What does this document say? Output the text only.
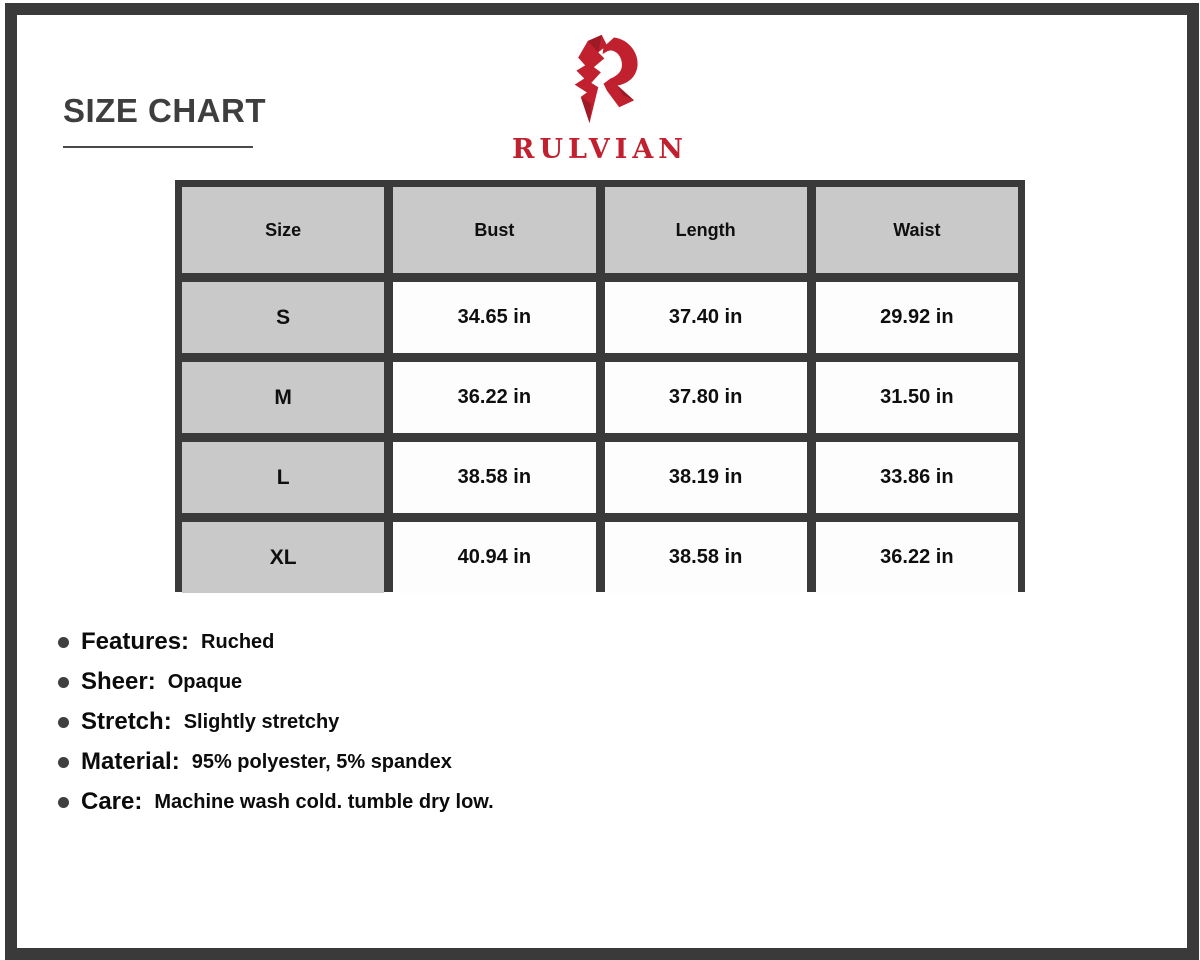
SIZE CHART
RULVIAN
Size	Bust	Length	Waist
S	34.65 in	37.40 in	29.92 in
M	36.22 in	37.80 in	31.50 in
L	38.58 in	38.19 in	33.86 in
XL	40.94 in	38.58 in	36.22 in
Features: Ruched
Sheer: Opaque
Stretch: Slightly stretchy
Material: 95% polyester, 5% spandex
Care: Machine wash cold. tumble dry low.
